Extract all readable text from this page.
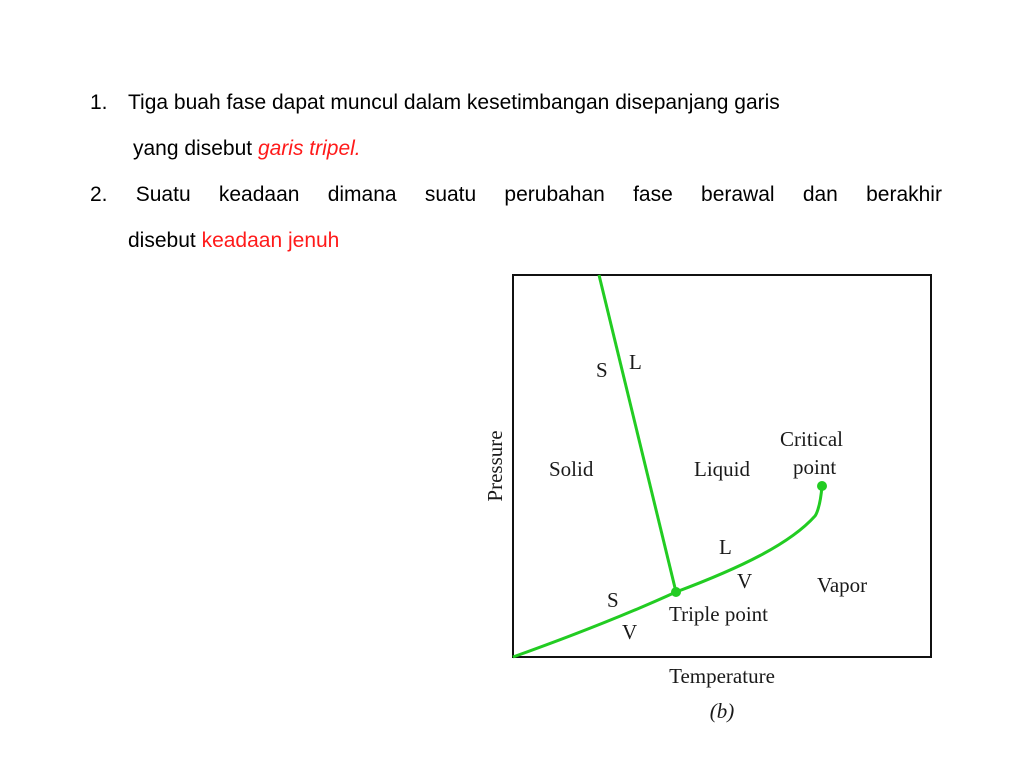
1. Tiga buah fase dapat muncul dalam kesetimbangan disepanjang garis
yang disebut garis tripel.
2. Suatu keadaan dimana suatu perubahan fase berawal dan berakhir
disebut keadaan jenuh
Pressure
Temperature
(b)
Solid	Liquid
Vapor
S L
L
V
S
V
Critical
point
Triple point
